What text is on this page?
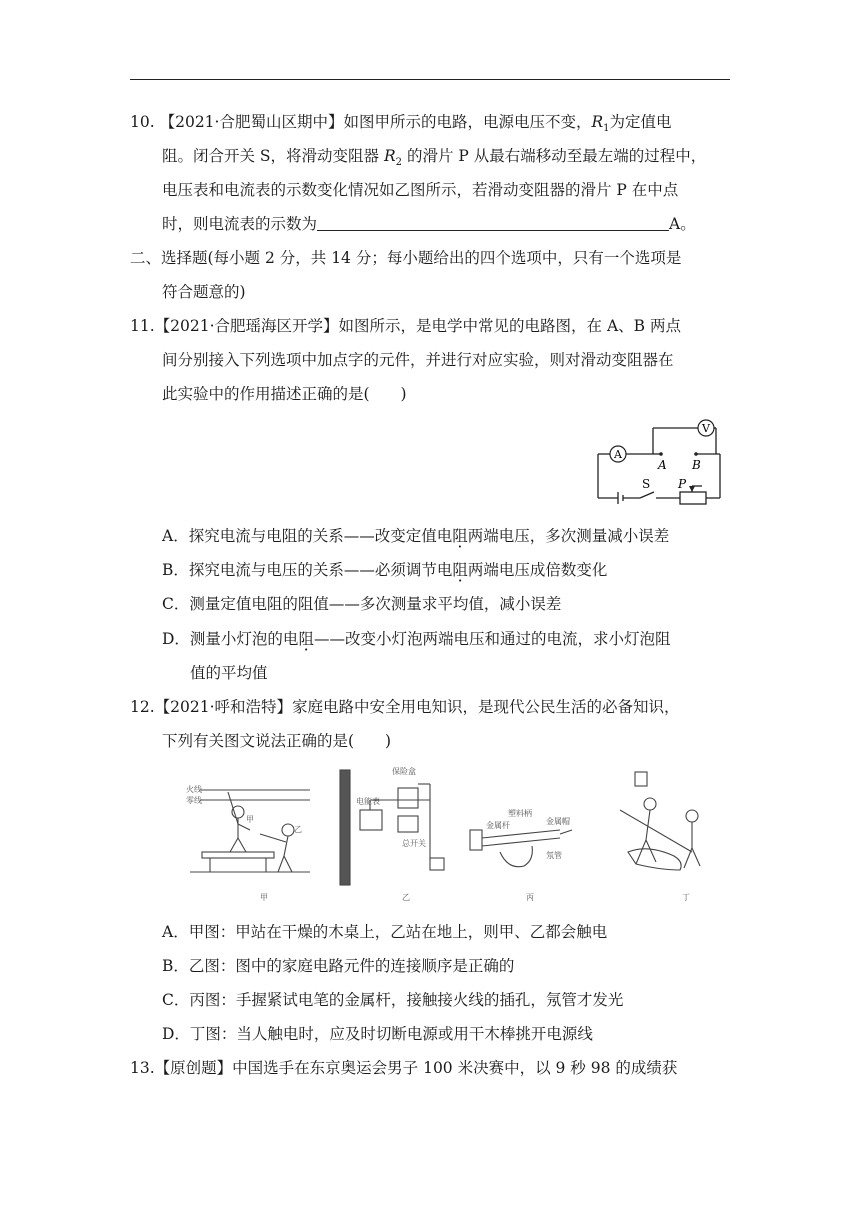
10. 【2021·合肥蜀山区期中】如图甲所示的电路，电源电压不变，$R_1$为定值电
阻。闭合开关 S，将滑动变阻器 $R_2$ 的滑片 P 从最右端移动至最左端的过程中，
电压表和电流表的示数变化情况如乙图所示，若滑动变阻器的滑片 P 在中点
时，则电流表的示数为	A。
二、选择题(每小题 2 分，共 14 分；每小题给出的四个选项中，只有一个选项是
符合题意的)
11.【2021·合肥瑶海区开学】如图所示，是电学中常见的电路图，在 A、B 两点
间分别接入下列选项中加点字的元件，并进行对应实验，则对滑动变阻器在
此实验中的作用描述正确的是(　　)
A
V
A B
S P
A．探究电流与电阻的关系——改变定值电阻两端电压，多次测量减小误差
B．探究电流与电压的关系——必须调节电阻两端电压成倍数变化
C．测量定值电阻的阻值——多次测量求平均值，减小误差
D．测量小灯泡的电阻——改变小灯泡两端电压和通过的电流，求小灯泡阻
值的平均值
12.【2021·呼和浩特】家庭电路中安全用电知识，是现代公民生活的必备知识，
下列有关图文说法正确的是(　　)
火线
零线
甲
乙
保险盒
电能表
总开关
塑料柄
金属帽
金属杆
氖管
甲	乙	丙	丁
A．甲图：甲站在干燥的木桌上，乙站在地上，则甲、乙都会触电
B．乙图：图中的家庭电路元件的连接顺序是正确的
C．丙图：手握紧试电笔的金属杆，接触接火线的插孔，氖管才发光
D．丁图：当人触电时，应及时切断电源或用干木棒挑开电源线
13.【原创题】中国选手在东京奥运会男子 100 米决赛中，以 9 秒 98 的成绩获
